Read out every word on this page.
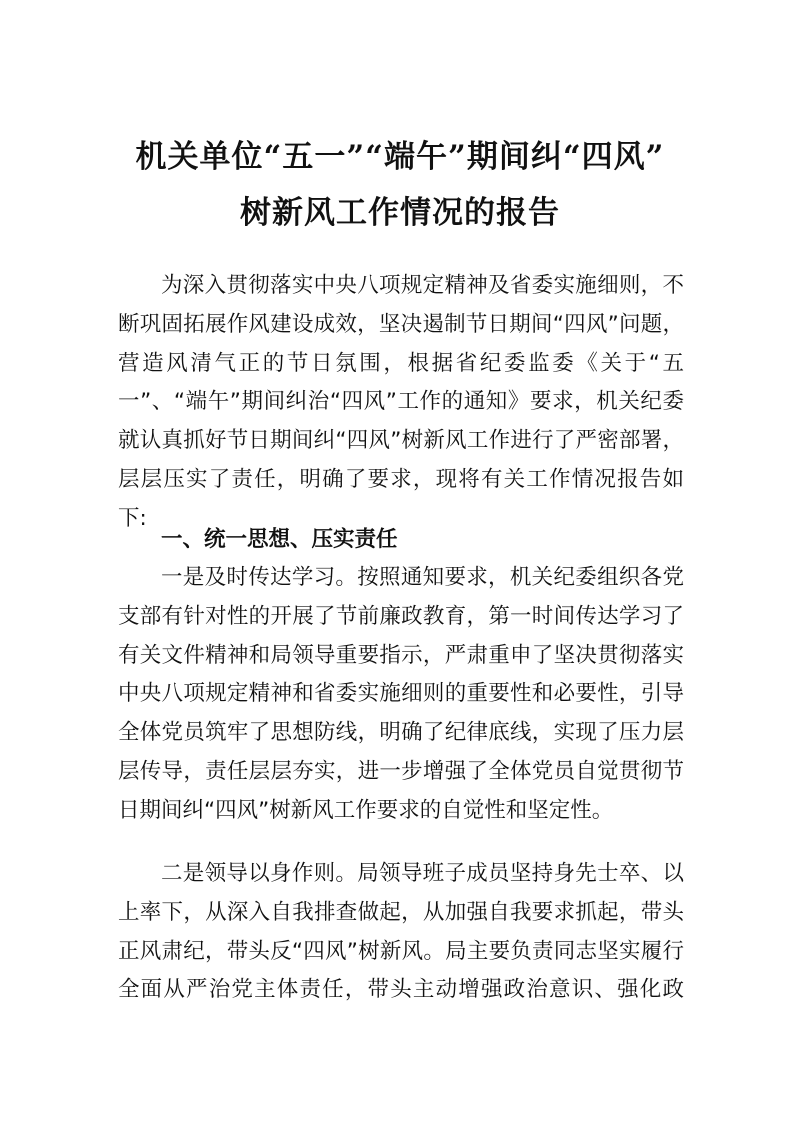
机关单位“五一”“端午”期间纠“四风”
树新风工作情况的报告

为深入贯彻落实中央八项规定精神及省委实施细则，不断巩固拓展作风建设成效，坚决遏制节日期间“四风”问题，营造风清气正的节日氛围，根据省纪委监委《关于“五一”、“端午”期间纠治“四风”工作的通知》要求，机关纪委就认真抓好节日期间纠“四风”树新风工作进行了严密部署，层层压实了责任，明确了要求，现将有关工作情况报告如下:

一、统一思想、压实责任

一是及时传达学习。按照通知要求，机关纪委组织各党支部有针对性的开展了节前廉政教育，第一时间传达学习了有关文件精神和局领导重要指示，严肃重申了坚决贯彻落实中央八项规定精神和省委实施细则的重要性和必要性，引导全体党员筑牢了思想防线，明确了纪律底线，实现了压力层层传导，责任层层夯实，进一步增强了全体党员自觉贯彻节日期间纠“四风”树新风工作要求的自觉性和坚定性。

二是领导以身作则。局领导班子成员坚持身先士卒、以上率下，从深入自我排查做起，从加强自我要求抓起，带头正风肃纪，带头反“四风”树新风。局主要负责同志坚实履行全面从严治党主体责任，带头主动增强政治意识、强化政
